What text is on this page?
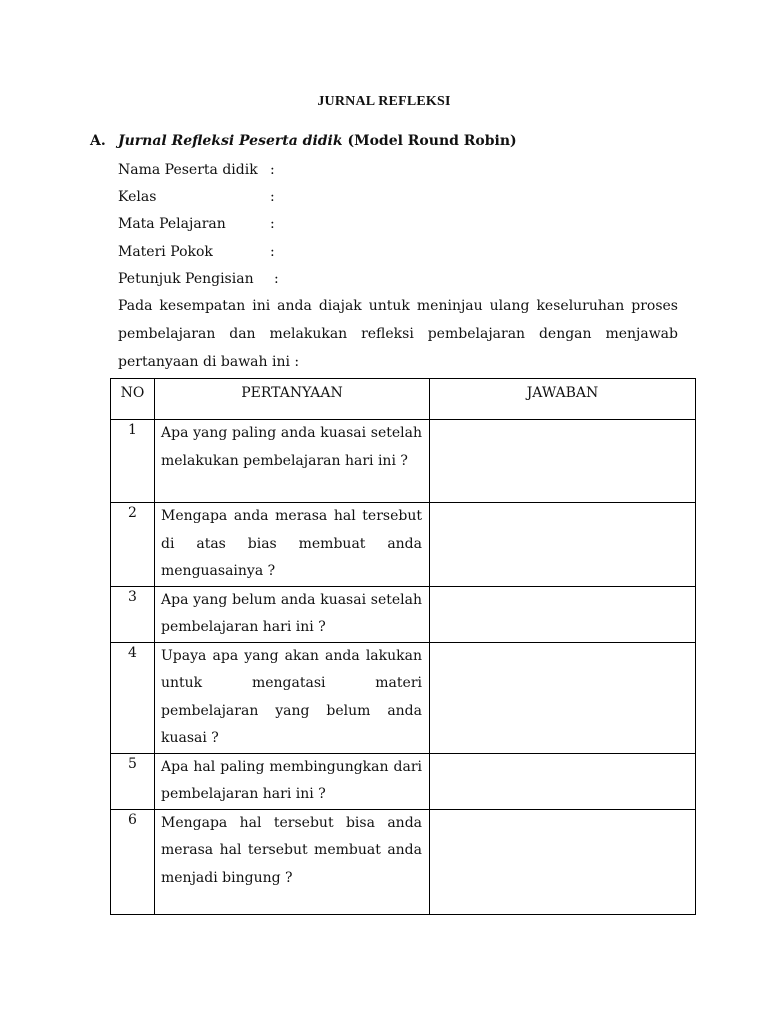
JURNAL REFLEKSI
A. Jurnal Refleksi Peserta didik (Model Round Robin)
Nama Peserta didik :
Kelas	:
Mata Pelajaran	:
Materi Pokok	:
Petunjuk Pengisian :
Pada kesempatan ini anda diajak untuk meninjau ulang keseluruhan proses pembelajaran dan melakukan refleksi pembelajaran dengan menjawab pertanyaan di bawah ini :
NO	PERTANYAAN	JAWABAN
1	Apa yang paling anda kuasai setelah melakukan pembelajaran hari ini ?	
2	Mengapa anda merasa hal tersebut di atas bias membuat anda menguasainya ?	
3	Apa yang belum anda kuasai setelah pembelajaran hari ini ?	
4	Upaya apa yang akan anda lakukan untuk mengatasi materi pembelajaran yang belum anda kuasai ?	
5	Apa hal paling membingungkan dari pembelajaran hari ini ?	
6	Mengapa hal tersebut bisa anda merasa hal tersebut membuat anda menjadi bingung ?	
